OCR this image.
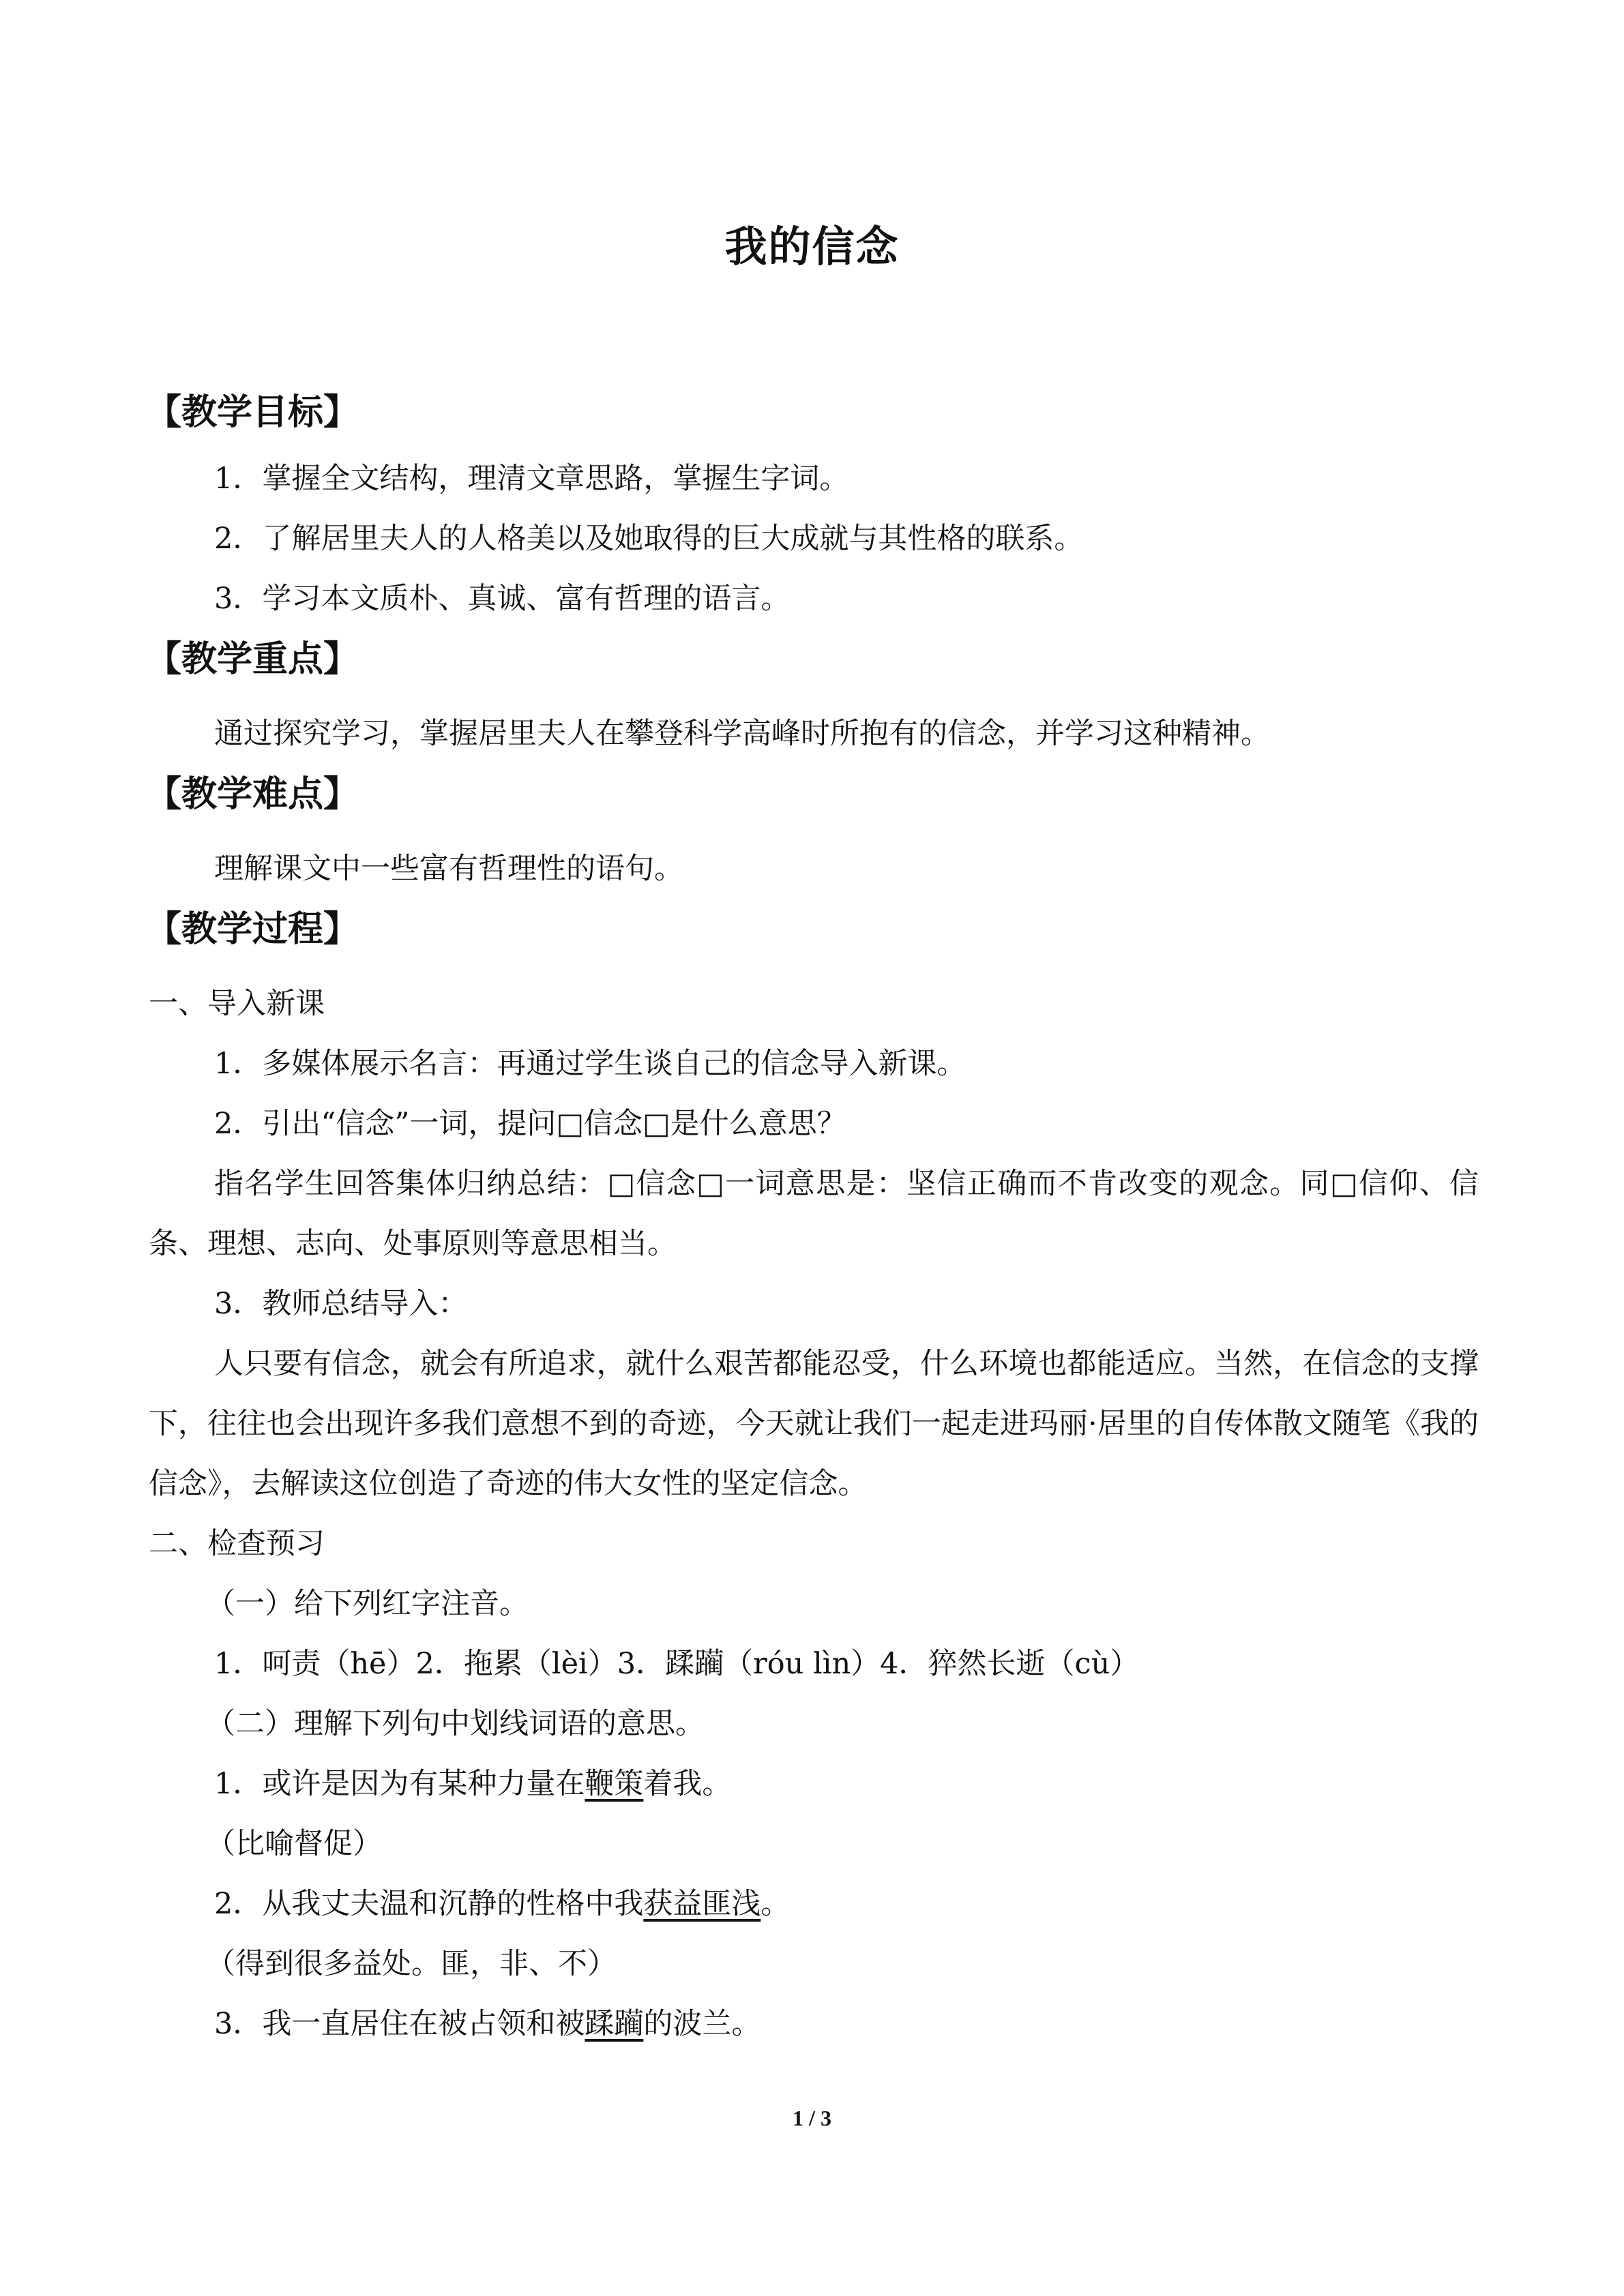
我的信念
【教学目标】
1．掌握全文结构，理清文章思路，掌握生字词。
2．了解居里夫人的人格美以及她取得的巨大成就与其性格的联系。
3．学习本文质朴、真诚、富有哲理的语言。
【教学重点】
通过探究学习，掌握居里夫人在攀登科学高峰时所抱有的信念，并学习这种精神。
【教学难点】
理解课文中一些富有哲理性的语句。
【教学过程】
一、导入新课
1．多媒体展示名言：再通过学生谈自己的信念导入新课。
2．引出“信念”一词，提问□信念□是什么意思？
指名学生回答集体归纳总结：□信念□一词意思是：坚信正确而不肯改变的观念。同□信仰、信条、理想、志向、处事原则等意思相当。
3．教师总结导入：
人只要有信念，就会有所追求，就什么艰苦都能忍受，什么环境也都能适应。当然，在信念的支撑下，往往也会出现许多我们意想不到的奇迹，今天就让我们一起走进玛丽·居里的自传体散文随笔《我的信念》，去解读这位创造了奇迹的伟大女性的坚定信念。
二、检查预习
（一）给下列红字注音。
1．呵责（hē）2．拖累（lèi）3．蹂躏（róu lìn）4．猝然长逝（cù）
（二）理解下列句中划线词语的意思。
1．或许是因为有某种力量在鞭策着我。
（比喻督促）
2．从我丈夫温和沉静的性格中我获益匪浅。
（得到很多益处。匪，非、不）
3．我一直居住在被占领和被蹂躏的波兰。
1 / 3
